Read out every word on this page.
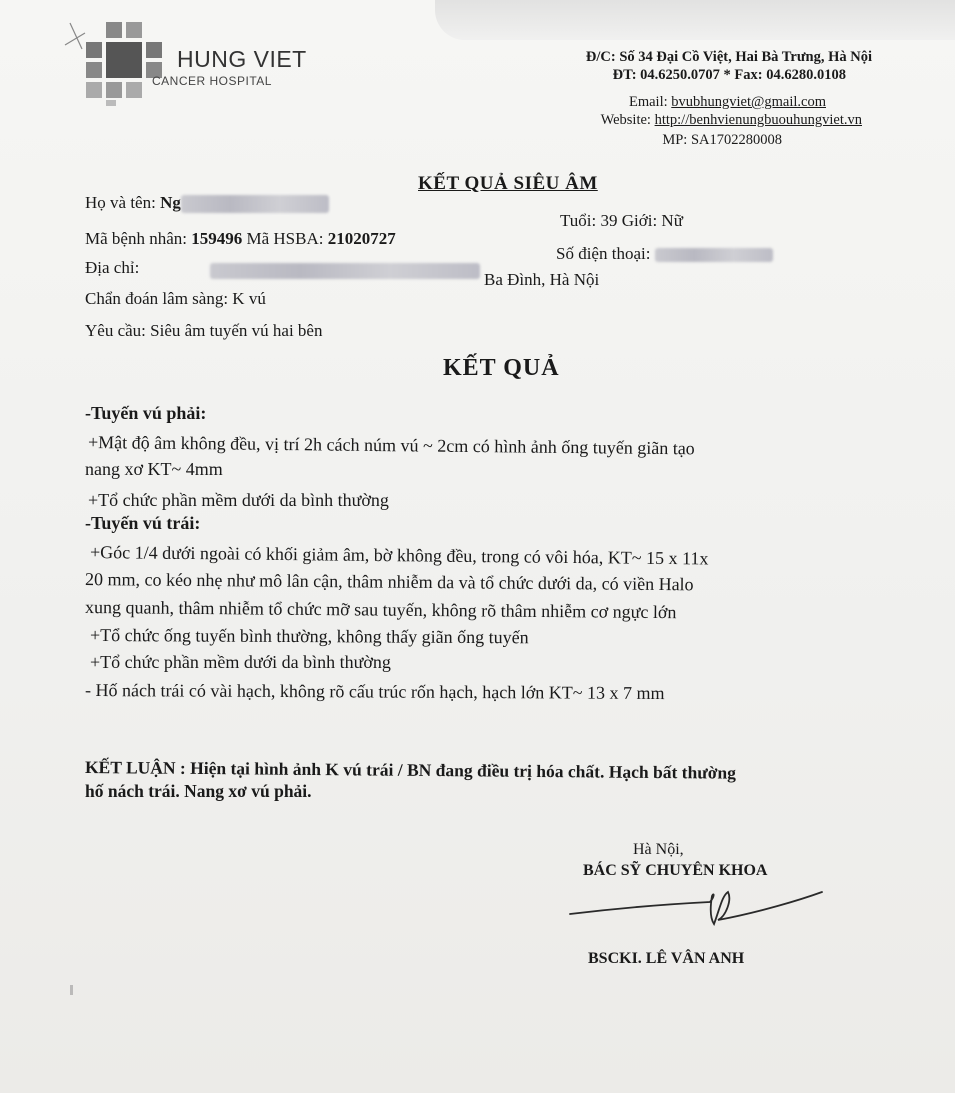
HUNG VIET
CANCER HOSPITAL
Đ/C: Số 34 Đại Cồ Việt, Hai Bà Trưng, Hà Nội
ĐT: 04.6250.0707 * Fax: 04.6280.0108
Email: bvubhungviet@gmail.com
Website: http://benhvienungbuouhungviet.vn
MP: SA1702280008
KẾT QUẢ SIÊU ÂM
Họ và tên: Ng
Tuổi: 39 Giới: Nữ
Mã bệnh nhân: 159496 Mã HSBA: 21020727
Số điện thoại:
Địa chỉ:
Ba Đình, Hà Nội
Chẩn đoán lâm sàng: K vú
Yêu cầu: Siêu âm tuyến vú hai bên
KẾT QUẢ
-Tuyến vú phải:
+Mật độ âm không đều, vị trí 2h cách núm vú ~ 2cm có hình ảnh ống tuyến giãn tạo
nang xơ KT~ 4mm
+Tổ chức phần mềm dưới da bình thường
-Tuyến vú trái:
+Góc 1/4 dưới ngoài có khối giảm âm, bờ không đều, trong có vôi hóa, KT~ 15 x 11x
20 mm, co kéo nhẹ như mô lân cận, thâm nhiễm da và tổ chức dưới da, có viền Halo
xung quanh, thâm nhiễm tổ chức mỡ sau tuyến, không rõ thâm nhiễm cơ ngực lớn
+Tổ chức ống tuyến bình thường, không thấy giãn ống tuyến
+Tổ chức phần mềm dưới da bình thường
- Hố nách trái có vài hạch, không rõ cấu trúc rốn hạch, hạch lớn KT~ 13 x 7 mm
KẾT LUẬN : Hiện tại hình ảnh K vú trái / BN đang điều trị hóa chất. Hạch bất thường
hố nách trái. Nang xơ vú phải.
Hà Nội,
BÁC SỸ CHUYÊN KHOA
BSCKI. LÊ VÂN ANH
